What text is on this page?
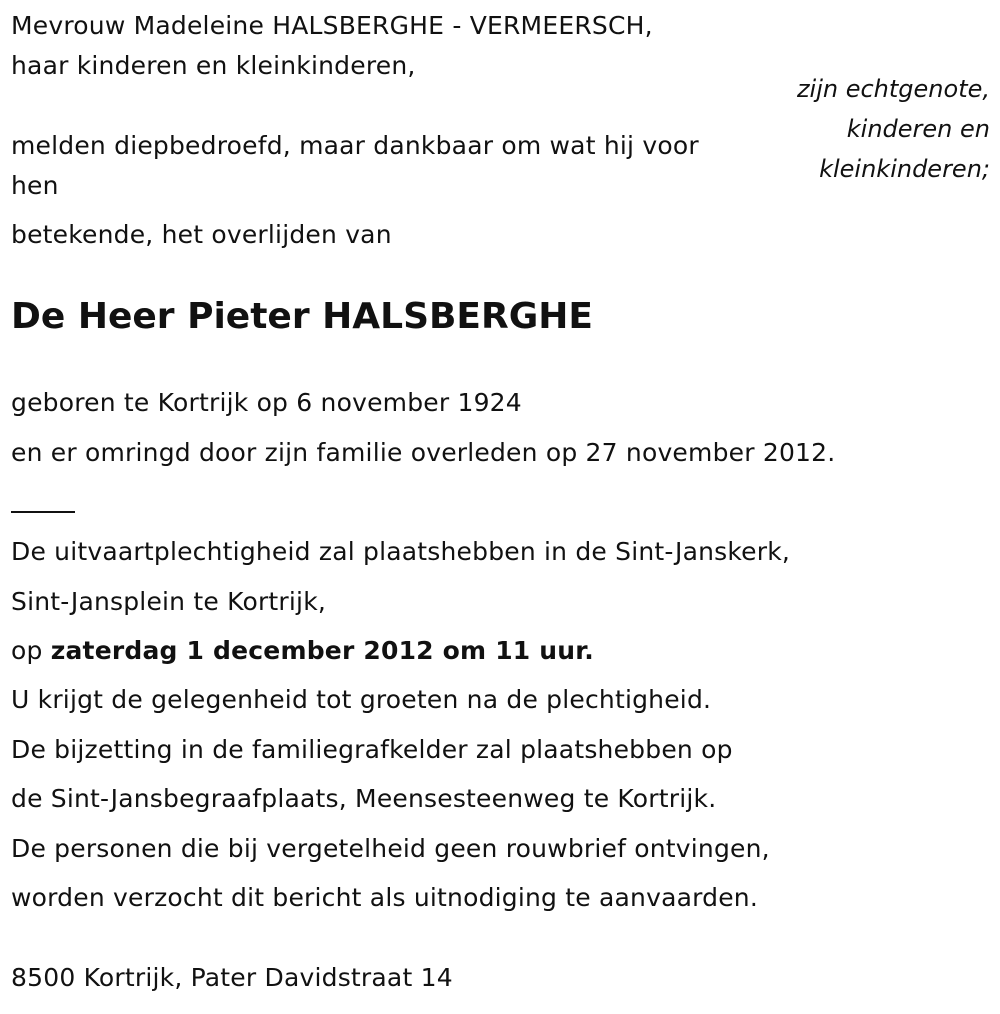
Mevrouw Madeleine HALSBERGHE - VERMEERSCH,
haar kinderen en kleinkinderen,
zijn echtgenote,
kinderen en
kleinkinderen;
melden diepbedroefd, maar dankbaar om wat hij voor
hen
betekende, het overlijden van
De Heer Pieter HALSBERGHE
geboren te Kortrijk op 6 november 1924
en er omringd door zijn familie overleden op 27 november 2012.
De uitvaartplechtigheid zal plaatshebben in de Sint-Janskerk,
Sint-Jansplein te Kortrijk,
op zaterdag 1 december 2012 om 11 uur.
U krijgt de gelegenheid tot groeten na de plechtigheid.
De bijzetting in de familiegrafkelder zal plaatshebben op
de Sint-Jansbegraafplaats, Meensesteenweg te Kortrijk.
De personen die bij vergetelheid geen rouwbrief ontvingen,
worden verzocht dit bericht als uitnodiging te aanvaarden.
8500 Kortrijk, Pater Davidstraat 14
